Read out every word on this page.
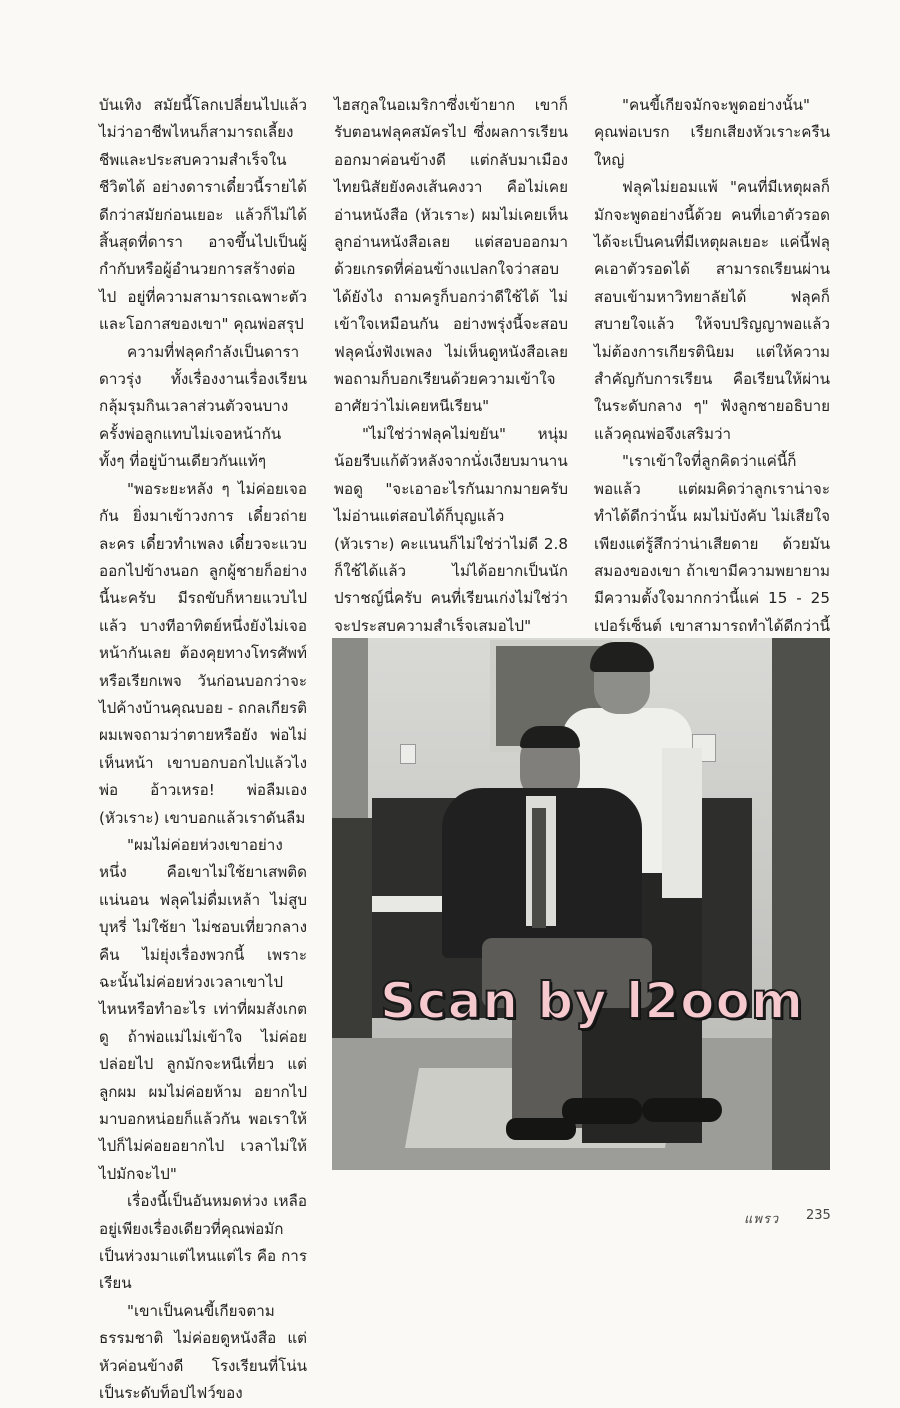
บันเทิง สมัยนี้โลกเปลี่ยนไปแล้ว ไม่ว่าอาชีพไหนก็สามารถเลี้ยงชีพและประสบความสำเร็จในชีวิตได้ อย่างดาราเดี๋ยวนี้รายได้ดีกว่าสมัยก่อนเยอะ แล้วก็ไม่ได้สิ้นสุดที่ดารา อาจขึ้นไปเป็นผู้กำกับหรือผู้อำนวยการสร้างต่อไป อยู่ที่ความสามารถเฉพาะตัวและโอกาสของเขา" คุณพ่อสรุป

ความที่ฟลุคกำลังเป็นดาราดาวรุ่ง ทั้งเรื่องงานเรื่องเรียนกลุ้มรุมกินเวลาส่วนตัวจนบางครั้งพ่อลูกแทบไม่เจอหน้ากัน ทั้งๆ ที่อยู่บ้านเดียวกันแท้ๆ

"พอระยะหลัง ๆ ไม่ค่อยเจอกัน ยิ่งมาเข้าวงการ เดี๋ยวถ่ายละคร เดี๋ยวทำเพลง เดี๋ยวจะแวบออกไปข้างนอก ลูกผู้ชายก็อย่างนี้นะครับ มีรถขับก็หายแวบไปแล้ว บางทีอาทิตย์หนึ่งยังไม่เจอหน้ากันเลย ต้องคุยทางโทรศัพท์หรือเรียกเพจ วันก่อนบอกว่าจะไปค้างบ้านคุณบอย - ถกลเกียรติ ผมเพจถามว่าตายหรือยัง พ่อไม่เห็นหน้า เขาบอกบอกไปแล้วไงพ่อ อ้าวเหรอ! พ่อลืมเอง (หัวเราะ) เขาบอกแล้วเราดันลืม

"ผมไม่ค่อยห่วงเขาอย่างหนึ่ง คือเขาไม่ใช้ยาเสพติดแน่นอน ฟลุคไม่ดื่มเหล้า ไม่สูบบุหรี่ ไม่ใช้ยา ไม่ชอบเที่ยวกลางคืน ไม่ยุ่งเรื่องพวกนี้ เพราะฉะนั้นไม่ค่อยห่วงเวลาเขาไปไหนหรือทำอะไร เท่าที่ผมสังเกตดู ถ้าพ่อแม่ไม่เข้าใจ ไม่ค่อยปล่อยไป ลูกมักจะหนีเที่ยว แต่ลูกผม ผมไม่ค่อยห้าม อยากไปมาบอกหน่อยก็แล้วกัน พอเราให้ไปก็ไม่ค่อยอยากไป เวลาไม่ให้ไปมักจะไป"

เรื่องนี้เป็นอันหมดห่วง เหลืออยู่เพียงเรื่องเดียวที่คุณพ่อมักเป็นห่วงมาแต่ไหนแต่ไร คือ การเรียน

"เขาเป็นคนขี้เกียจตามธรรมชาติ ไม่ค่อยดูหนังสือ แต่หัวค่อนข้างดี โรงเรียนที่โน่นเป็นระดับท็อปไฟว์ของ

ไฮสกูลในอเมริกาซึ่งเข้ายาก เขาก็รับตอนฟลุคสมัครไป ซึ่งผลการเรียนออกมาค่อนข้างดี แต่กลับมาเมืองไทยนิสัยยังคงเส้นคงวา คือไม่เคยอ่านหนังสือ (หัวเราะ) ผมไม่เคยเห็นลูกอ่านหนังสือเลย แต่สอบออกมาด้วยเกรดที่ค่อนข้างแปลกใจว่าสอบได้ยังไง ถามครูก็บอกว่าดีใช้ได้ ไม่เข้าใจเหมือนกัน อย่างพรุ่งนี้จะสอบ ฟลุคนั่งฟังเพลง ไม่เห็นดูหนังสือเลย พอถามก็บอกเรียนด้วยความเข้าใจ อาศัยว่าไม่เคยหนีเรียน"

"ไม่ใช่ว่าฟลุคไม่ขยัน" หนุ่มน้อยรีบแก้ตัวหลังจากนั่งเงียบมานานพอดู "จะเอาอะไรกันมากมายครับ ไม่อ่านแต่สอบได้ก็บุญแล้ว (หัวเราะ) คะแนนก็ไม่ใช่ว่าไม่ดี 2.8 ก็ใช้ได้แล้ว ไม่ได้อยากเป็นนักปราชญ์นี่ครับ คนที่เรียนเก่งไม่ใช่ว่าจะประสบความสำเร็จเสมอไป"

"คนขี้เกียจมักจะพูดอย่างนั้น" คุณพ่อเบรก เรียกเสียงหัวเราะครืนใหญ่

ฟลุคไม่ยอมแพ้ "คนที่มีเหตุผลก็มักจะพูดอย่างนี้ด้วย คนที่เอาตัวรอดได้จะเป็นคนที่มีเหตุผลเยอะ แค่นี้ฟลุคเอาตัวรอดได้ สามารถเรียนผ่านสอบเข้ามหาวิทยาลัยได้ ฟลุคก็สบายใจแล้ว ให้จบปริญญาพอแล้ว ไม่ต้องการเกียรตินิยม แต่ให้ความสำคัญกับการเรียน คือเรียนให้ผ่านในระดับกลาง ๆ" ฟังลูกชายอธิบายแล้วคุณพ่อจึงเสริมว่า

"เราเข้าใจที่ลูกคิดว่าแค่นี้ก็พอแล้ว แต่ผมคิดว่าลูกเราน่าจะทำได้ดีกว่านั้น ผมไม่บังคับ ไม่เสียใจ เพียงแต่รู้สึกว่าน่าเสียดาย ด้วยมันสมองของเขา ถ้าเขามีความพยายาม มีความตั้งใจมากกว่านี้แค่ 15 - 25 เปอร์เซ็นต์ เขาสามารถทำได้ดีกว่านี้

Scan by l2oom
แพรว 235
